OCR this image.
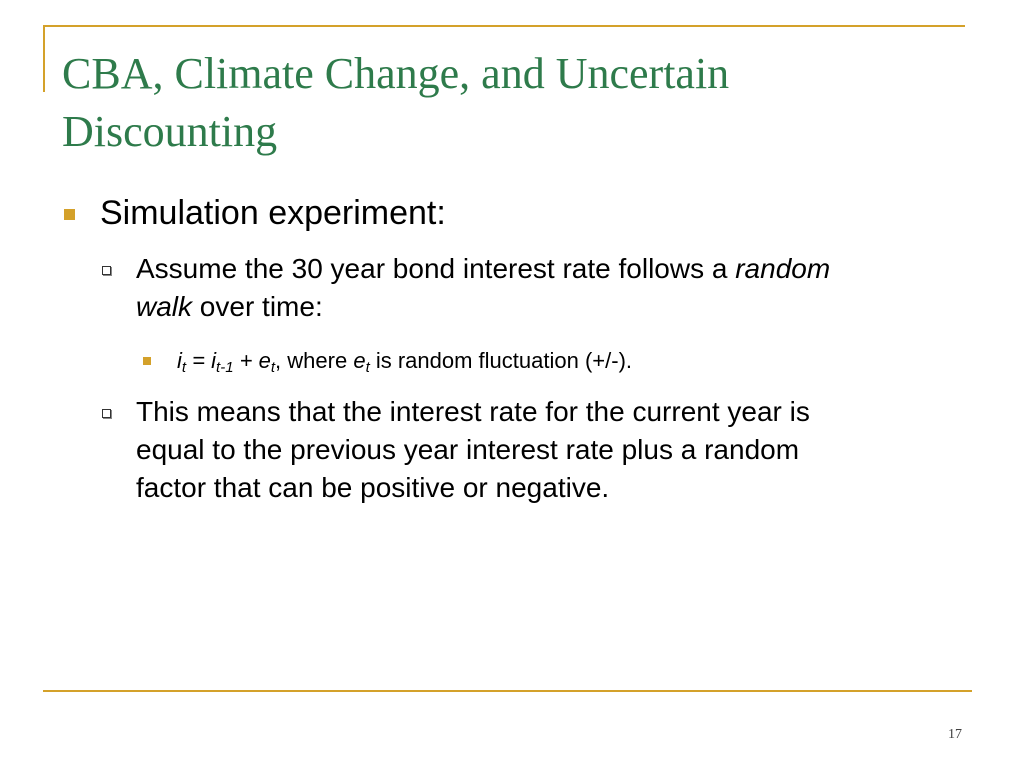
CBA, Climate Change, and Uncertain Discounting
Simulation experiment:
Assume the 30 year bond interest rate follows a random walk over time:
$i_t = i_{t-1} + e_t$, where $e_t$ is random fluctuation (+/-).
This means that the interest rate for the current year is equal to the previous year interest rate plus a random factor that can be positive or negative.
17
